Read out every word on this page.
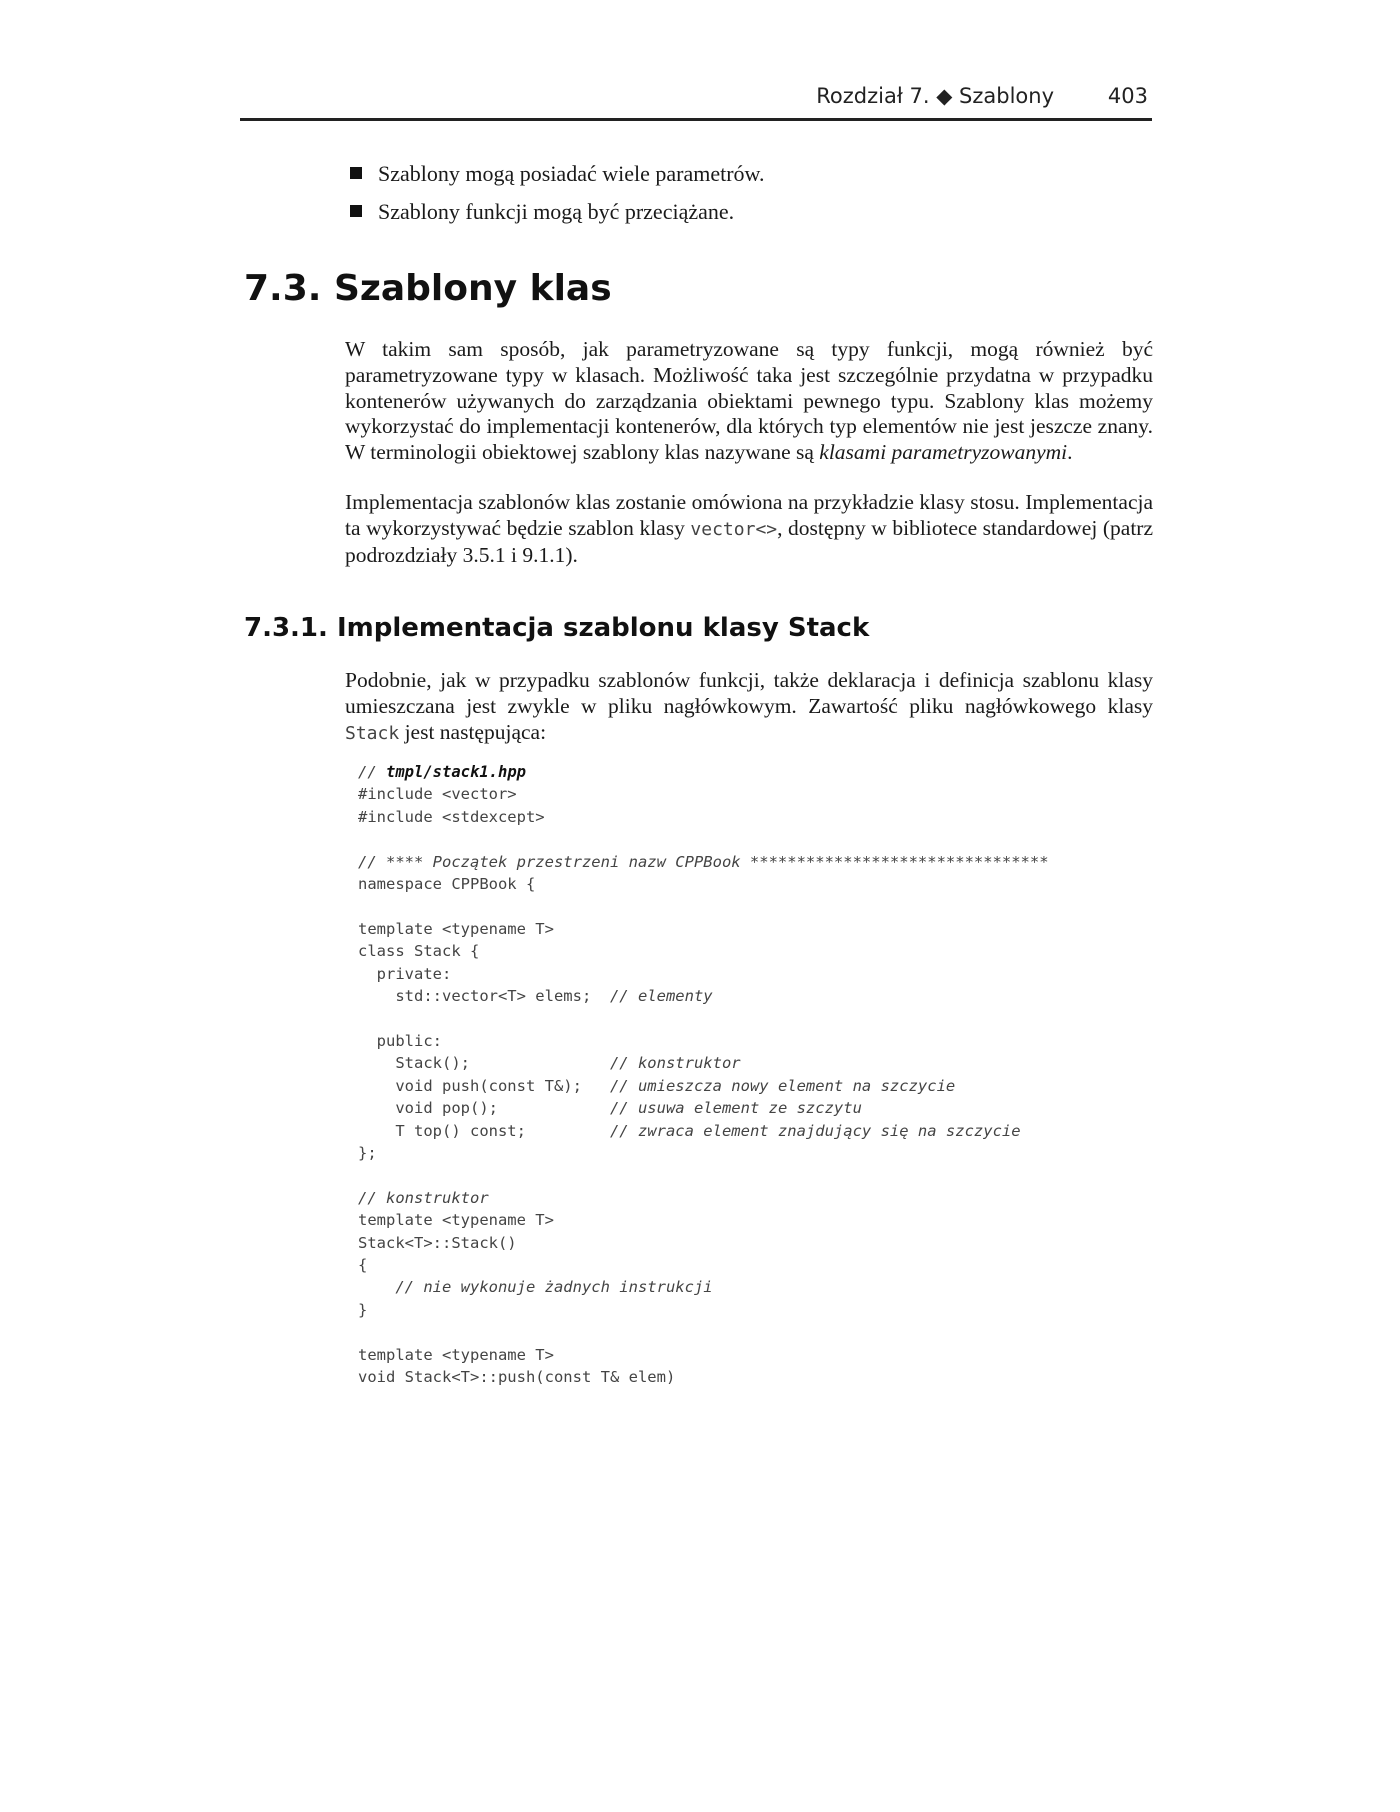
Rozdział 7. ◆ Szablony	403
Szablony mogą posiadać wiele parametrów.
Szablony funkcji mogą być przeciążane.
7.3. Szablony klas

W takim sam sposób, jak parametryzowane są typy funkcji, mogą również być parametryzowane typy w klasach. Możliwość taka jest szczególnie przydatna w przypadku kontenerów używanych do zarządzania obiektami pewnego typu. Szablony klas możemy wykorzystać do implementacji kontenerów, dla których typ elementów nie jest jeszcze znany. W terminologii obiektowej szablony klas nazywane są klasami parametryzowanymi.

Implementacja szablonów klas zostanie omówiona na przykładzie klasy stosu. Implementacja ta wykorzystywać będzie szablon klasy vector<>, dostępny w bibliotece standardowej (patrz podrozdziały 3.5.1 i 9.1.1).

7.3.1. Implementacja szablonu klasy Stack

Podobnie, jak w przypadku szablonów funkcji, także deklaracja i definicja szablonu klasy umieszczana jest zwykle w pliku nagłówkowym. Zawartość pliku nagłówkowego klasy Stack jest następująca:

// tmpl/stack1.hpp
#include <vector>
#include <stdexcept>

// **** Początek przestrzeni nazw CPPBook ********************************
namespace CPPBook {

template <typename T>
class Stack {
private:
std::vector<T> elems;  // elementy

public:
Stack();               // konstruktor
void push(const T&);   // umieszcza nowy element na szczycie
void pop();            // usuwa element ze szczytu
T top() const;         // zwraca element znajdujący się na szczycie
};

// konstruktor
template <typename T>
Stack<T>::Stack()
{
// nie wykonuje żadnych instrukcji
}

template <typename T>
void Stack<T>::push(const T& elem)
